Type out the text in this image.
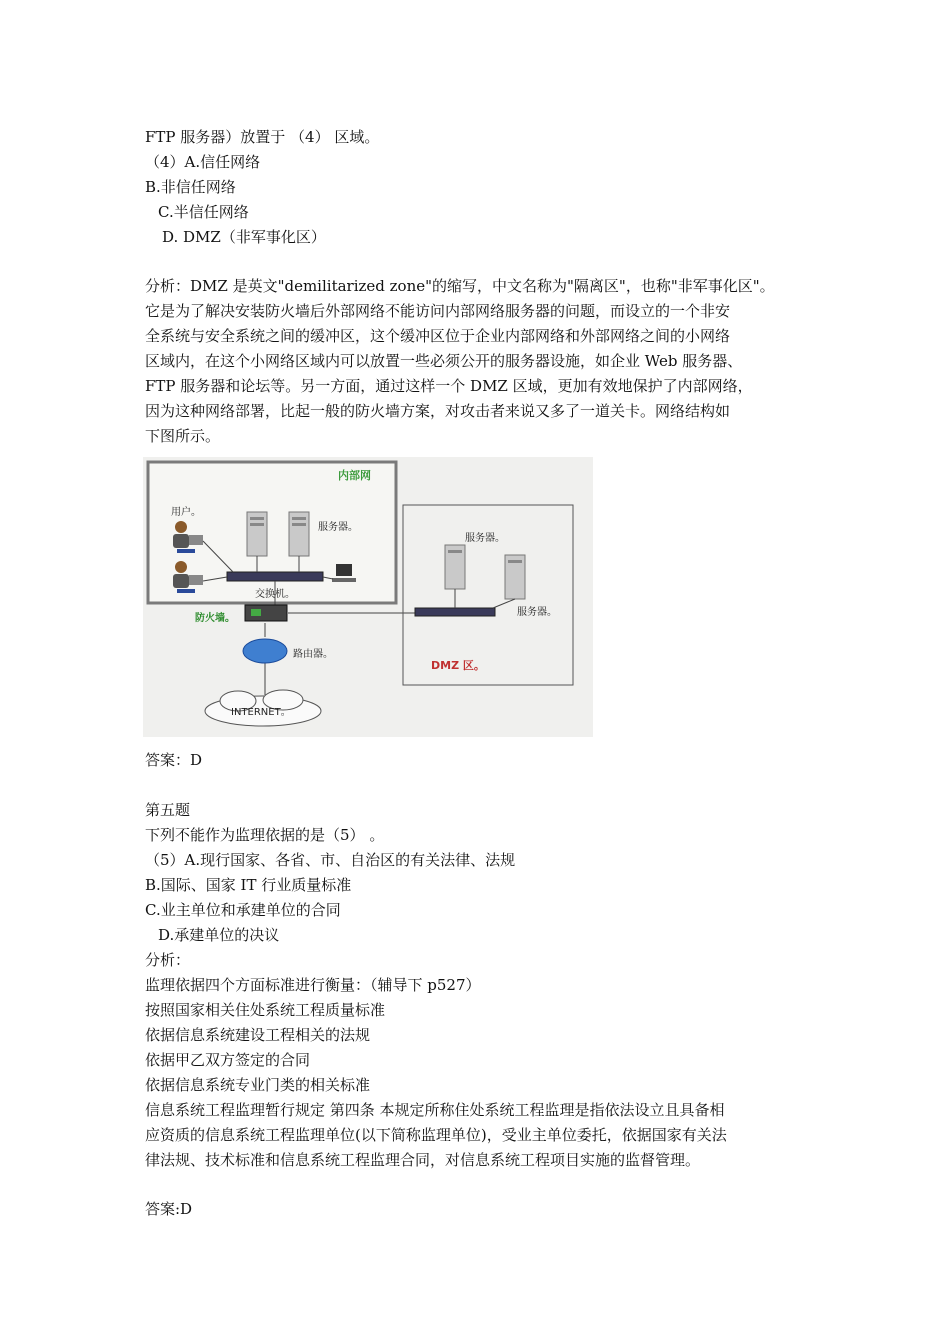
FTP 服务器）放置于 （4） 区域。
（4）A.信任网络
B.非信任网络
C.半信任网络
D. DMZ（非军事化区）
分析：DMZ 是英文"demilitarized zone"的缩写，中文名称为"隔离区"，也称"非军事化区"。
它是为了解决安装防火墙后外部网络不能访问内部网络服务器的问题，而设立的一个非安
全系统与安全系统之间的缓冲区，这个缓冲区位于企业内部网络和外部网络之间的小网络
区域内，在这个小网络区域内可以放置一些必须公开的服务器设施，如企业 Web 服务器、
FTP 服务器和论坛等。另一方面，通过这样一个 DMZ 区域，更加有效地保护了内部网络，
因为这种网络部署，比起一般的防火墙方案，对攻击者来说又多了一道关卡。网络结构如
下图所示。
内部网
用户。
服务器。
交换机。
防火墙。
路由器。
INTERNET。
服务器。
服务器。
DMZ 区。
答案：D
第五题
下列不能作为监理依据的是（5） 。
（5）A.现行国家、各省、市、自治区的有关法律、法规
B.国际、国家 IT 行业质量标准
C.业主单位和承建单位的合同
D.承建单位的决议
分析：
监理依据四个方面标准进行衡量：（辅导下 p527）
按照国家相关住处系统工程质量标准
依据信息系统建设工程相关的法规
依据甲乙双方签定的合同
依据信息系统专业门类的相关标准
信息系统工程监理暂行规定 第四条 本规定所称住处系统工程监理是指依法设立且具备相
应资质的信息系统工程监理单位(以下简称监理单位)，受业主单位委托，依据国家有关法
律法规、技术标准和信息系统工程监理合同，对信息系统工程项目实施的监督管理。
答案:D
